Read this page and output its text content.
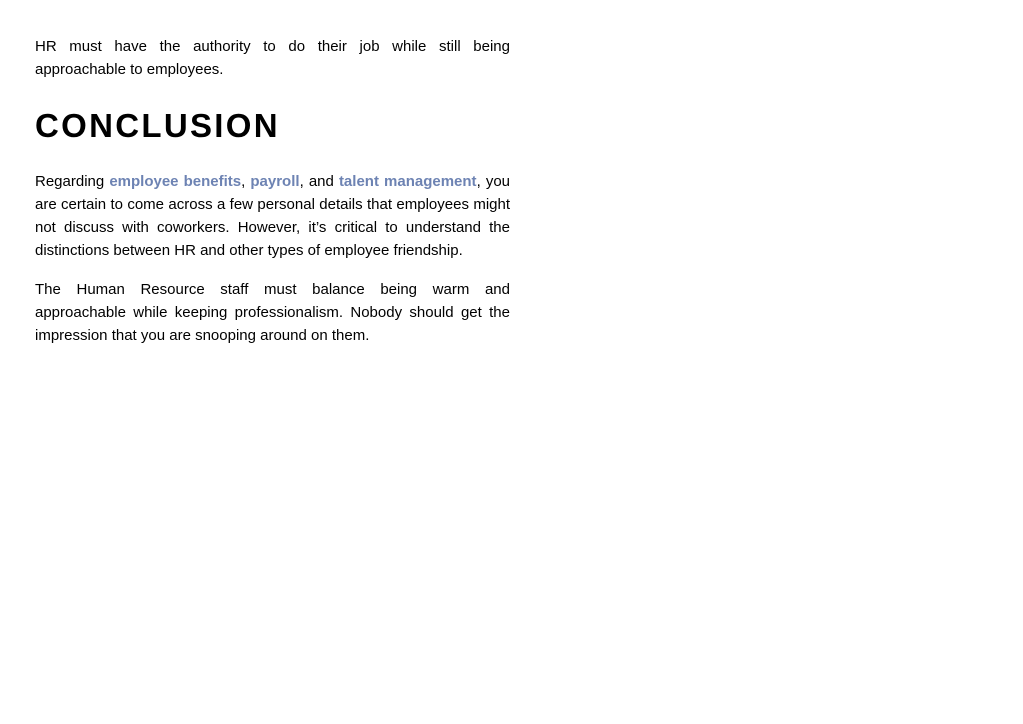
HR must have the authority to do their job while still being approachable to employees.

CONCLUSION

Regarding employee benefits, payroll, and talent management, you are certain to come across a few personal details that employees might not discuss with coworkers. However, it’s critical to understand the distinctions between HR and other types of employee friendship.

The Human Resource staff must balance being warm and approachable while keeping professionalism. Nobody should get the impression that you are snooping around on them.
